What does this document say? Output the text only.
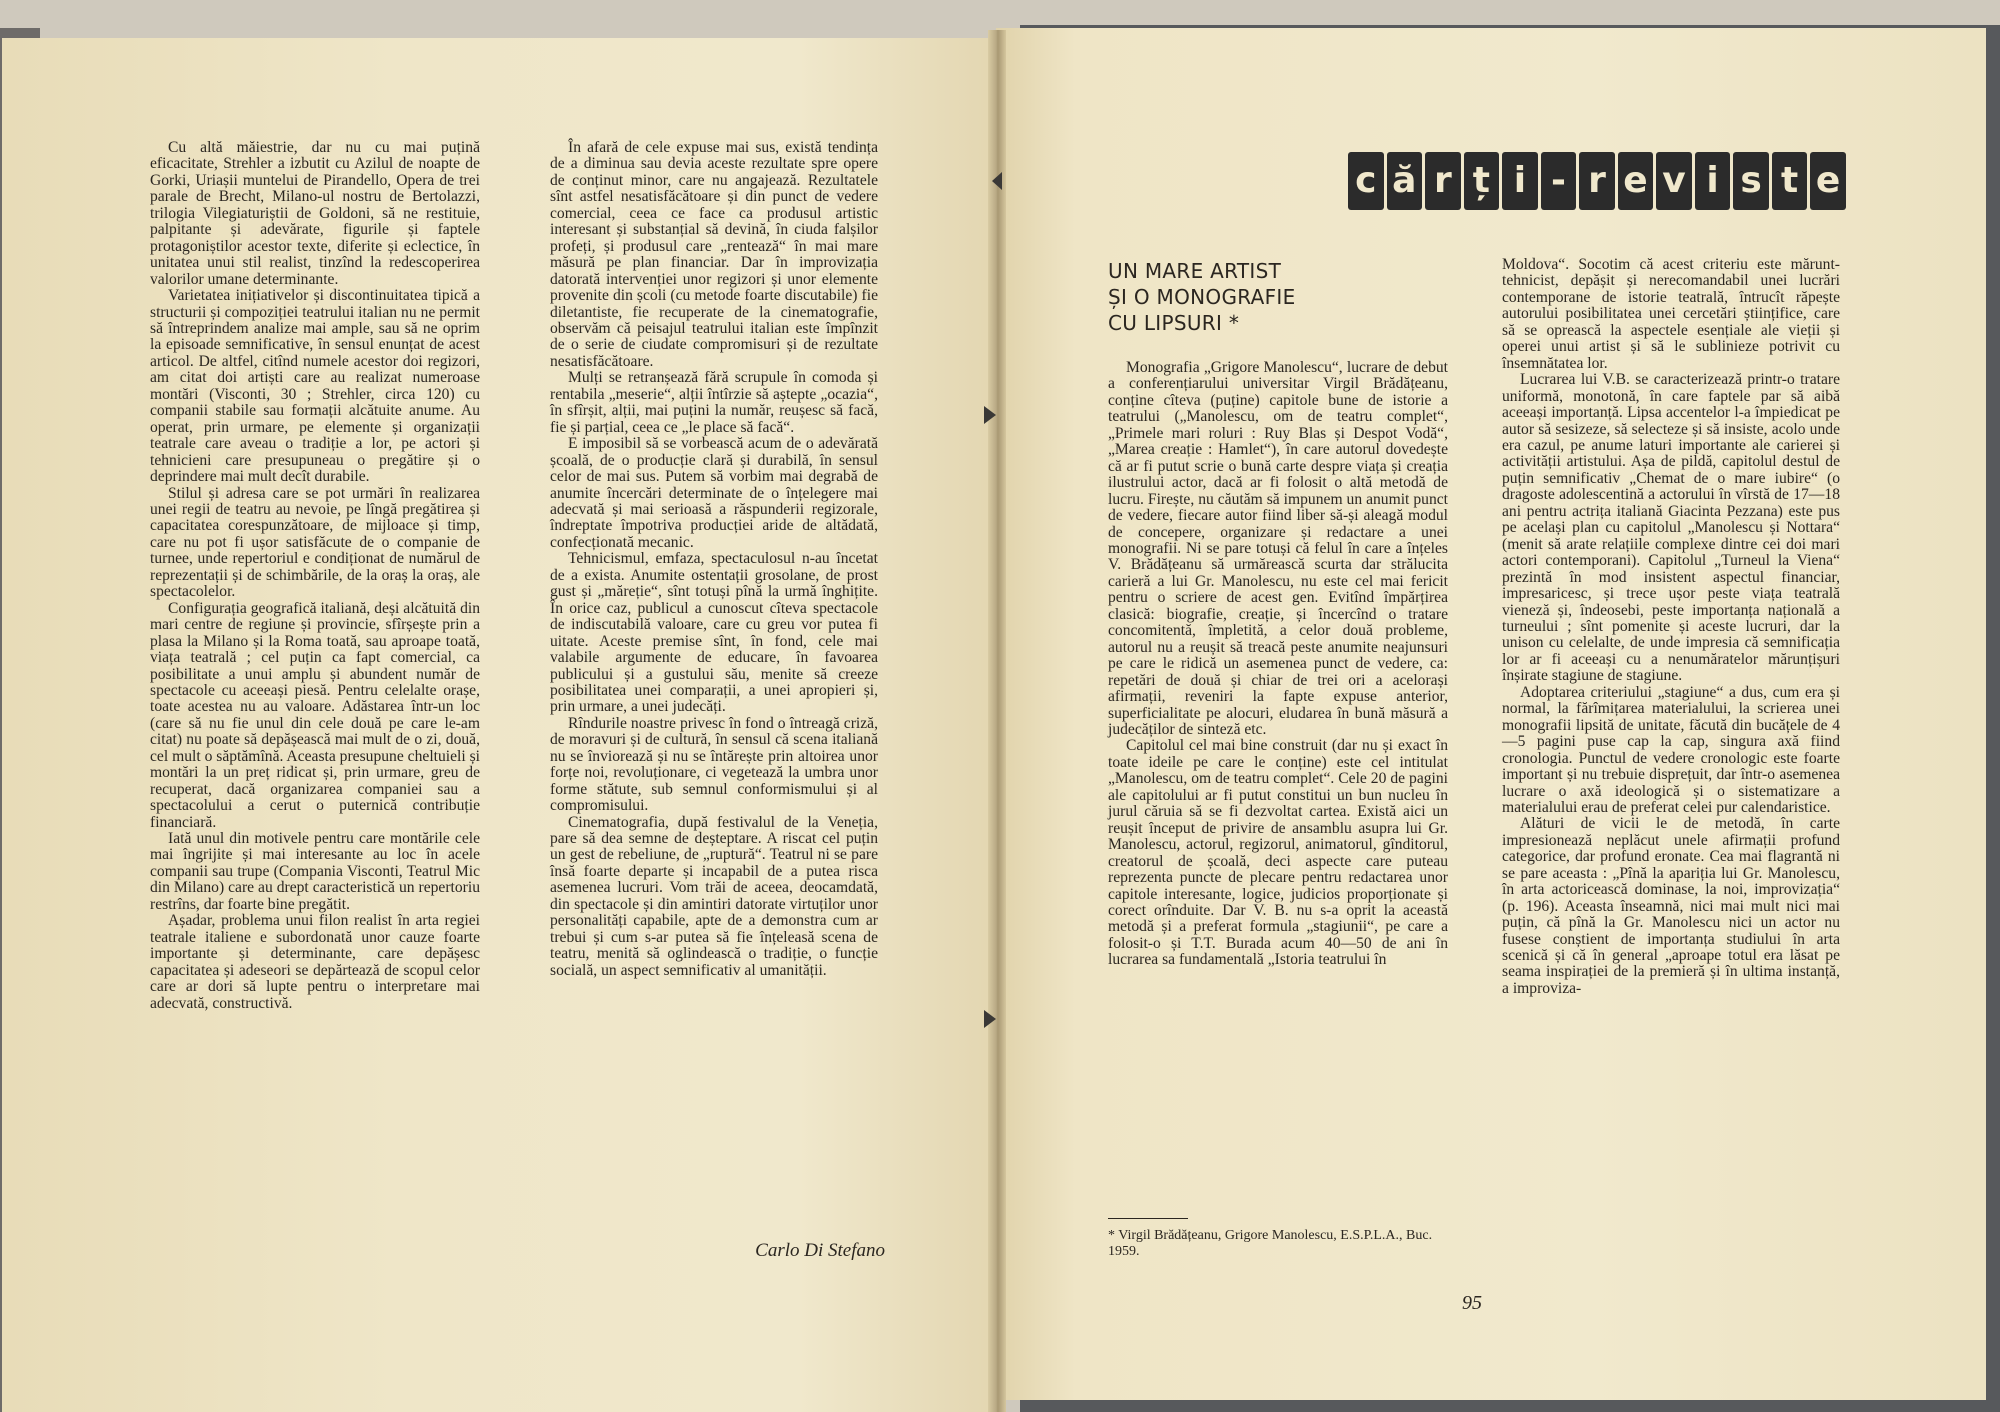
Cu altă măiestrie, dar nu cu mai puțină eficacitate, Strehler a izbutit cu Azilul de noapte de Gorki, Uriașii muntelui de Pirandello, Opera de trei parale de Brecht, Milano-ul nostru de Bertolazzi, trilogia Vilegiaturiștii de Goldoni, să ne restituie, palpitante și adevărate, figurile și faptele protagoniștilor acestor texte, diferite și eclectice, în unitatea unui stil realist, tinzînd la redescoperirea valorilor umane determinante.

Varietatea inițiativelor și discontinuitatea tipică a structurii și compoziției teatrului italian nu ne permit să întreprindem analize mai ample, sau să ne oprim la episoade semnificative, în sensul enunțat de acest articol. De altfel, citînd numele acestor doi regizori, am citat doi artiști care au realizat numeroase montări (Visconti, 30 ; Strehler, circa 120) cu companii stabile sau formații alcătuite anume. Au operat, prin urmare, pe elemente și organizații teatrale care aveau o tradiție a lor, pe actori și tehnicieni care presupuneau o pregătire și o deprindere mai mult decît durabile.

Stilul și adresa care se pot urmări în realizarea unei regii de teatru au nevoie, pe lîngă pregătirea și capacitatea corespunzătoare, de mijloace și timp, care nu pot fi ușor satisfăcute de o companie de turnee, unde repertoriul e condiționat de numărul de reprezentații și de schimbările, de la oraș la oraș, ale spectacolelor.

Configurația geografică italiană, deși alcătuită din mari centre de regiune și provincie, sfîrșește prin a plasa la Milano și la Roma toată, sau aproape toată, viața teatrală ; cel puțin ca fapt comercial, ca posibilitate a unui amplu și abundent număr de spectacole cu aceeași piesă. Pentru celelalte orașe, toate acestea nu au valoare. Adăstarea într-un loc (care să nu fie unul din cele două pe care le-am citat) nu poate să depășească mai mult de o zi, două, cel mult o săptămînă. Aceasta presupune cheltuieli și montări la un preț ridicat și, prin urmare, greu de recuperat, dacă organizarea companiei sau a spectacolului a cerut o puternică contribuție financiară.

Iată unul din motivele pentru care montările cele mai îngrijite și mai interesante au loc în acele companii sau trupe (Compania Visconti, Teatrul Mic din Milano) care au drept caracteristică un repertoriu restrîns, dar foarte bine pregătit.

Așadar, problema unui filon realist în arta regiei teatrale italiene e subordonată unor cauze foarte importante și determinante, care depășesc capacitatea și adeseori se depărtează de scopul celor care ar dori să lupte pentru o interpretare mai adecvată, constructivă.

În afară de cele expuse mai sus, există tendința de a diminua sau devia aceste rezultate spre opere de conținut minor, care nu angajează. Rezultatele sînt astfel nesatisfăcătoare și din punct de vedere comercial, ceea ce face ca produsul artistic interesant și substanțial să devină, în ciuda falșilor profeți, și produsul care „rentează“ în mai mare măsură pe plan financiar. Dar în improvizația datorată intervenției unor regizori și unor elemente provenite din școli (cu metode foarte discutabile) fie diletantiste, fie recuperate de la cinematografie, observăm că peisajul teatrului italian este împînzit de o serie de ciudate compromisuri și de rezultate nesatisfăcătoare.

Mulți se retranșează fără scrupule în comoda și rentabila „meserie“, alții întîrzie să aștepte „ocazia“, în sfîrșit, alții, mai puțini la număr, reușesc să facă, fie și parțial, ceea ce „le place să facă“.

E imposibil să se vorbească acum de o adevărată școală, de o producție clară și durabilă, în sensul celor de mai sus. Putem să vorbim mai degrabă de anumite încercări determinate de o înțelegere mai adecvată și mai serioasă a răspunderii regizorale, îndreptate împotriva producției aride de altădată, confecționată mecanic.

Tehnicismul, emfaza, spectaculosul n-au încetat de a exista. Anumite ostentații grosolane, de prost gust și „măreție“, sînt totuși pînă la urmă înghițite. În orice caz, publicul a cunoscut cîteva spectacole de indiscutabilă valoare, care cu greu vor putea fi uitate. Aceste premise sînt, în fond, cele mai valabile argumente de educare, în favoarea publicului și a gustului său, menite să creeze posibilitatea unei comparații, a unei apropieri și, prin urmare, a unei judecăți.

Rîndurile noastre privesc în fond o întreagă criză, de moravuri și de cultură, în sensul că scena italiană nu se înviorează și nu se întărește prin altoirea unor forțe noi, revoluționare, ci vegetează la umbra unor forme stătute, sub semnul conformismului și al compromisului.

Cinematografia, după festivalul de la Veneția, pare să dea semne de deșteptare. A riscat cel puțin un gest de rebeliune, de „ruptură“. Teatrul ni se pare însă foarte departe și incapabil de a putea risca asemenea lucruri. Vom trăi de aceea, deocamdată, din spectacole și din amintiri datorate virtuților unor personalități capabile, apte de a demonstra cum ar trebui și cum s-ar putea să fie înțeleasă scena de teatru, menită să oglindească o tradiție, o funcție socială, un aspect semnificativ al umanității.

Carlo Di Stefano
c ă r ț i - r e v i s t e
UN MARE ARTIST
ȘI O MONOGRAFIE
CU LIPSURI *

Monografia „Grigore Manolescu“, lucrare de debut a conferențiarului universitar Virgil Brădățeanu, conține cîteva (puține) capitole bune de istorie a teatrului („Manolescu, om de teatru complet“, „Primele mari roluri : Ruy Blas și Despot Vodă“, „Marea creație : Hamlet“), în care autorul dovedește că ar fi putut scrie o bună carte despre viața și creația ilustrului actor, dacă ar fi folosit o altă metodă de lucru. Firește, nu căutăm să impunem un anumit punct de vedere, fiecare autor fiind liber să-și aleagă modul de concepere, organizare și redactare a unei monografii. Ni se pare totuși că felul în care a înțeles V. Brădățeanu să urmărească scurta dar strălucita carieră a lui Gr. Manolescu, nu este cel mai fericit pentru o scriere de acest gen. Evitînd împărțirea clasică: biografie, creație, și încercînd o tratare concomitentă, împletită, a celor două probleme, autorul nu a reușit să treacă peste anumite neajunsuri pe care le ridică un asemenea punct de vedere, ca: repetări de două și chiar de trei ori a acelorași afirmații, reveniri la fapte expuse anterior, superficialitate pe alocuri, eludarea în bună măsură a judecăților de sinteză etc.

Capitolul cel mai bine construit (dar nu și exact în toate ideile pe care le conține) este cel intitulat „Manolescu, om de teatru complet“. Cele 20 de pagini ale capitolului ar fi putut constitui un bun nucleu în jurul căruia să se fi dezvoltat cartea. Există aici un reușit început de privire de ansamblu asupra lui Gr. Manolescu, actorul, regizorul, animatorul, gînditorul, creatorul de școală, deci aspecte care puteau reprezenta puncte de plecare pentru redactarea unor capitole interesante, logice, judicios proporționate și corect orînduite. Dar V. B. nu s-a oprit la această metodă și a preferat formula „stagiunii“, pe care a folosit-o și T.T. Burada acum 40—50 de ani în lucrarea sa fundamentală „Istoria teatrului în

* Virgil Brădățeanu, Grigore Manolescu, E.S.P.L.A., Buc. 1959.

Moldova“. Socotim că acest criteriu este mărunt-tehnicist, depășit și nerecomandabil unei lucrări contemporane de istorie teatrală, întrucît răpește autorului posibilitatea unei cercetări științifice, care să se oprească la aspectele esențiale ale vieții și operei unui artist și să le sublinieze potrivit cu însemnătatea lor.

Lucrarea lui V.B. se caracterizează printr-o tratare uniformă, monotonă, în care faptele par să aibă aceeași importanță. Lipsa accentelor l-a împiedicat pe autor să sesizeze, să selecteze și să insiste, acolo unde era cazul, pe anume laturi importante ale carierei și activității artistului. Așa de pildă, capitolul destul de puțin semnificativ „Chemat de o mare iubire“ (o dragoste adolescentină a actorului în vîrstă de 17—18 ani pentru actrița italiană Giacinta Pezzana) este pus pe același plan cu capitolul „Manolescu și Nottara“ (menit să arate relațiile complexe dintre cei doi mari actori contemporani). Capitolul „Turneul la Viena“ prezintă în mod insistent aspectul financiar, impresaricesc, și trece ușor peste viața teatrală vieneză și, îndeosebi, peste importanța națională a turneului ; sînt pomenite și aceste lucruri, dar la unison cu celelalte, de unde impresia că semnificația lor ar fi aceeași cu a nenumăratelor mărunțișuri înșirate stagiune de stagiune.

Adoptarea criteriului „stagiune“ a dus, cum era și normal, la fărîmițarea materialului, la scrierea unei monografii lipsită de unitate, făcută din bucățele de 4—5 pagini puse cap la cap, singura axă fiind cronologia. Punctul de vedere cronologic este foarte important și nu trebuie disprețuit, dar într-o asemenea lucrare o axă ideologică și o sistematizare a materialului erau de preferat celei pur calendaristice.

Alături de vicii le de metodă, în carte impresionează neplăcut unele afirmații profund categorice, dar profund eronate. Cea mai flagrantă ni se pare aceasta : „Pînă la apariția lui Gr. Manolescu, în arta actoricească dominase, la noi, improvizația“ (p. 196). Aceasta înseamnă, nici mai mult nici mai puțin, că pînă la Gr. Manolescu nici un actor nu fusese conștient de importanța studiului în arta scenică și că în general „aproape totul era lăsat pe seama inspirației de la premieră și în ultima instanță, a improviza-

95
